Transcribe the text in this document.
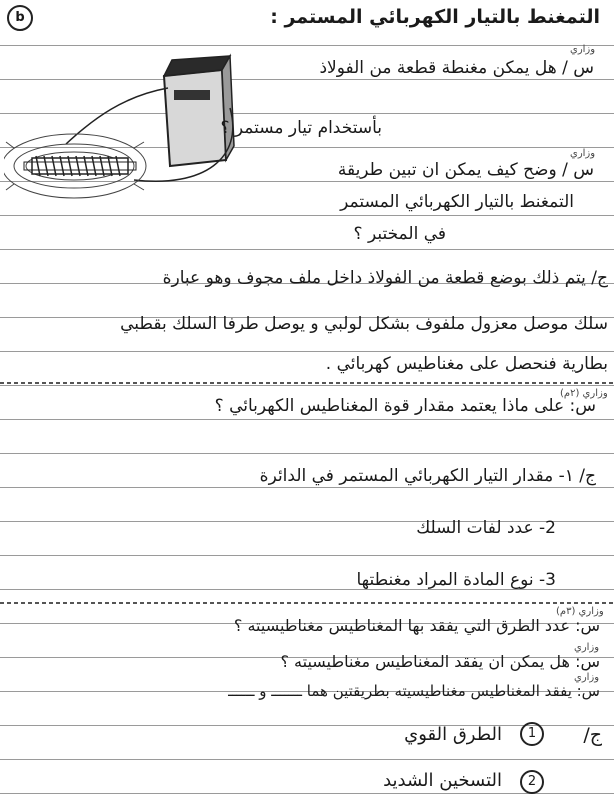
b	التمغنط بالتيار الكهربائي المستمر :
وزاري
س / هل يمكن مغنطة قطعة من الفولاذ
بأستخدام تيار مستمر ؟
وزاري
س / وضح كيف يمكن ان تبين طريقة
التمغنط بالتيار الكهربائي المستمر
في المختبر ؟
ج/ يتم ذلك بوضع قطعة من الفولاذ داخل ملف مجوف وهو عبارة
سلك موصل معزول ملفوف بشكل لولبي و يوصل طرفا السلك بقطبي
بطارية فنحصل على مغناطيس كهربائي .
وزاري (٢م)
س: على ماذا يعتمد مقدار قوة المغناطيس الكهربائي ؟
ج/ ١- مقدار التيار الكهربائي المستمر في الدائرة
2- عدد لفات السلك
3- نوع المادة المراد مغنطتها
وزاري (٣م)
س: عدد الطرق التي يفقد بها المغناطيس مغناطيسيته ؟
وزاري
س: هل يمكن ان يفقد المغناطيس مغناطيسيته ؟
وزاري
س: يفقد المغناطيس مغناطيسيته بطريقتين هما ـــــــ و ــــــ
ج/
1
الطرق القوي
2
التسخين الشديد
